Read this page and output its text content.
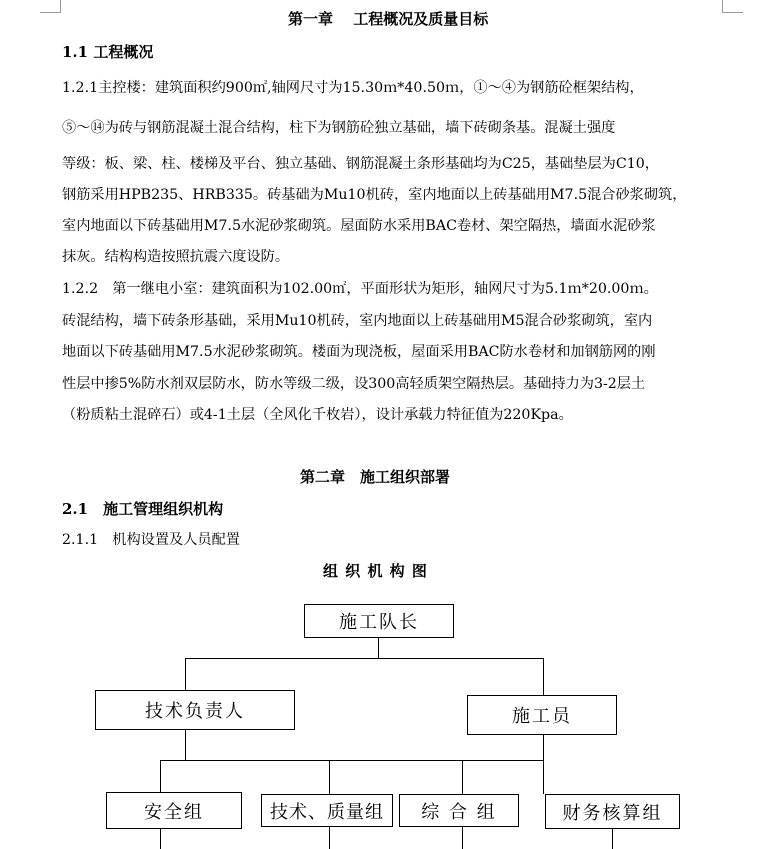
第一章　 工程概况及质量目标
1.1 工程概况
1.2.1主控楼：建筑面积约900㎡,轴网尺寸为15.30ｍ*40.50ｍ，①～④为钢筋砼框架结构，
⑤～⑭为砖与钢筋混凝土混合结构，柱下为钢筋砼独立基础，墙下砖砌条基。混凝土强度
等级：板、梁、柱、楼梯及平台、独立基础、钢筋混凝土条形基础均为C25，基础垫层为C10，
钢筋采用HPB235、HRB335。砖基础为Mu10机砖，室内地面以上砖基础用M7.5混合砂浆砌筑，
室内地面以下砖基础用M7.5水泥砂浆砌筑。屋面防水采用BAC卷材、架空隔热，墙面水泥砂浆
抹灰。结构构造按照抗震六度设防。
1.2.2　第一继电小室：建筑面积为102.00㎡，平面形状为矩形，轴网尺寸为5.1ｍ*20.00ｍ。
砖混结构，墙下砖条形基础，采用Mu10机砖，室内地面以上砖基础用M5混合砂浆砌筑，室内
地面以下砖基础用M7.5水泥砂浆砌筑。楼面为现浇板，屋面采用BAC防水卷材和加钢筋网的刚
性层中掺5%防水剂双层防水，防水等级二级，设300高轻质架空隔热层。基础持力为3-2层土
（粉质粘土混碎石）或4-1土层（全风化千枚岩），设计承载力特征值为220Kpa。
第二章　施工组织部署
2.1　施工管理组织机构
2.1.1　机构设置及人员配置
组 织 机 构 图
施工队长
技术负责人	施工员
安全组	技术、质量组	综 合 组	财务核算组
